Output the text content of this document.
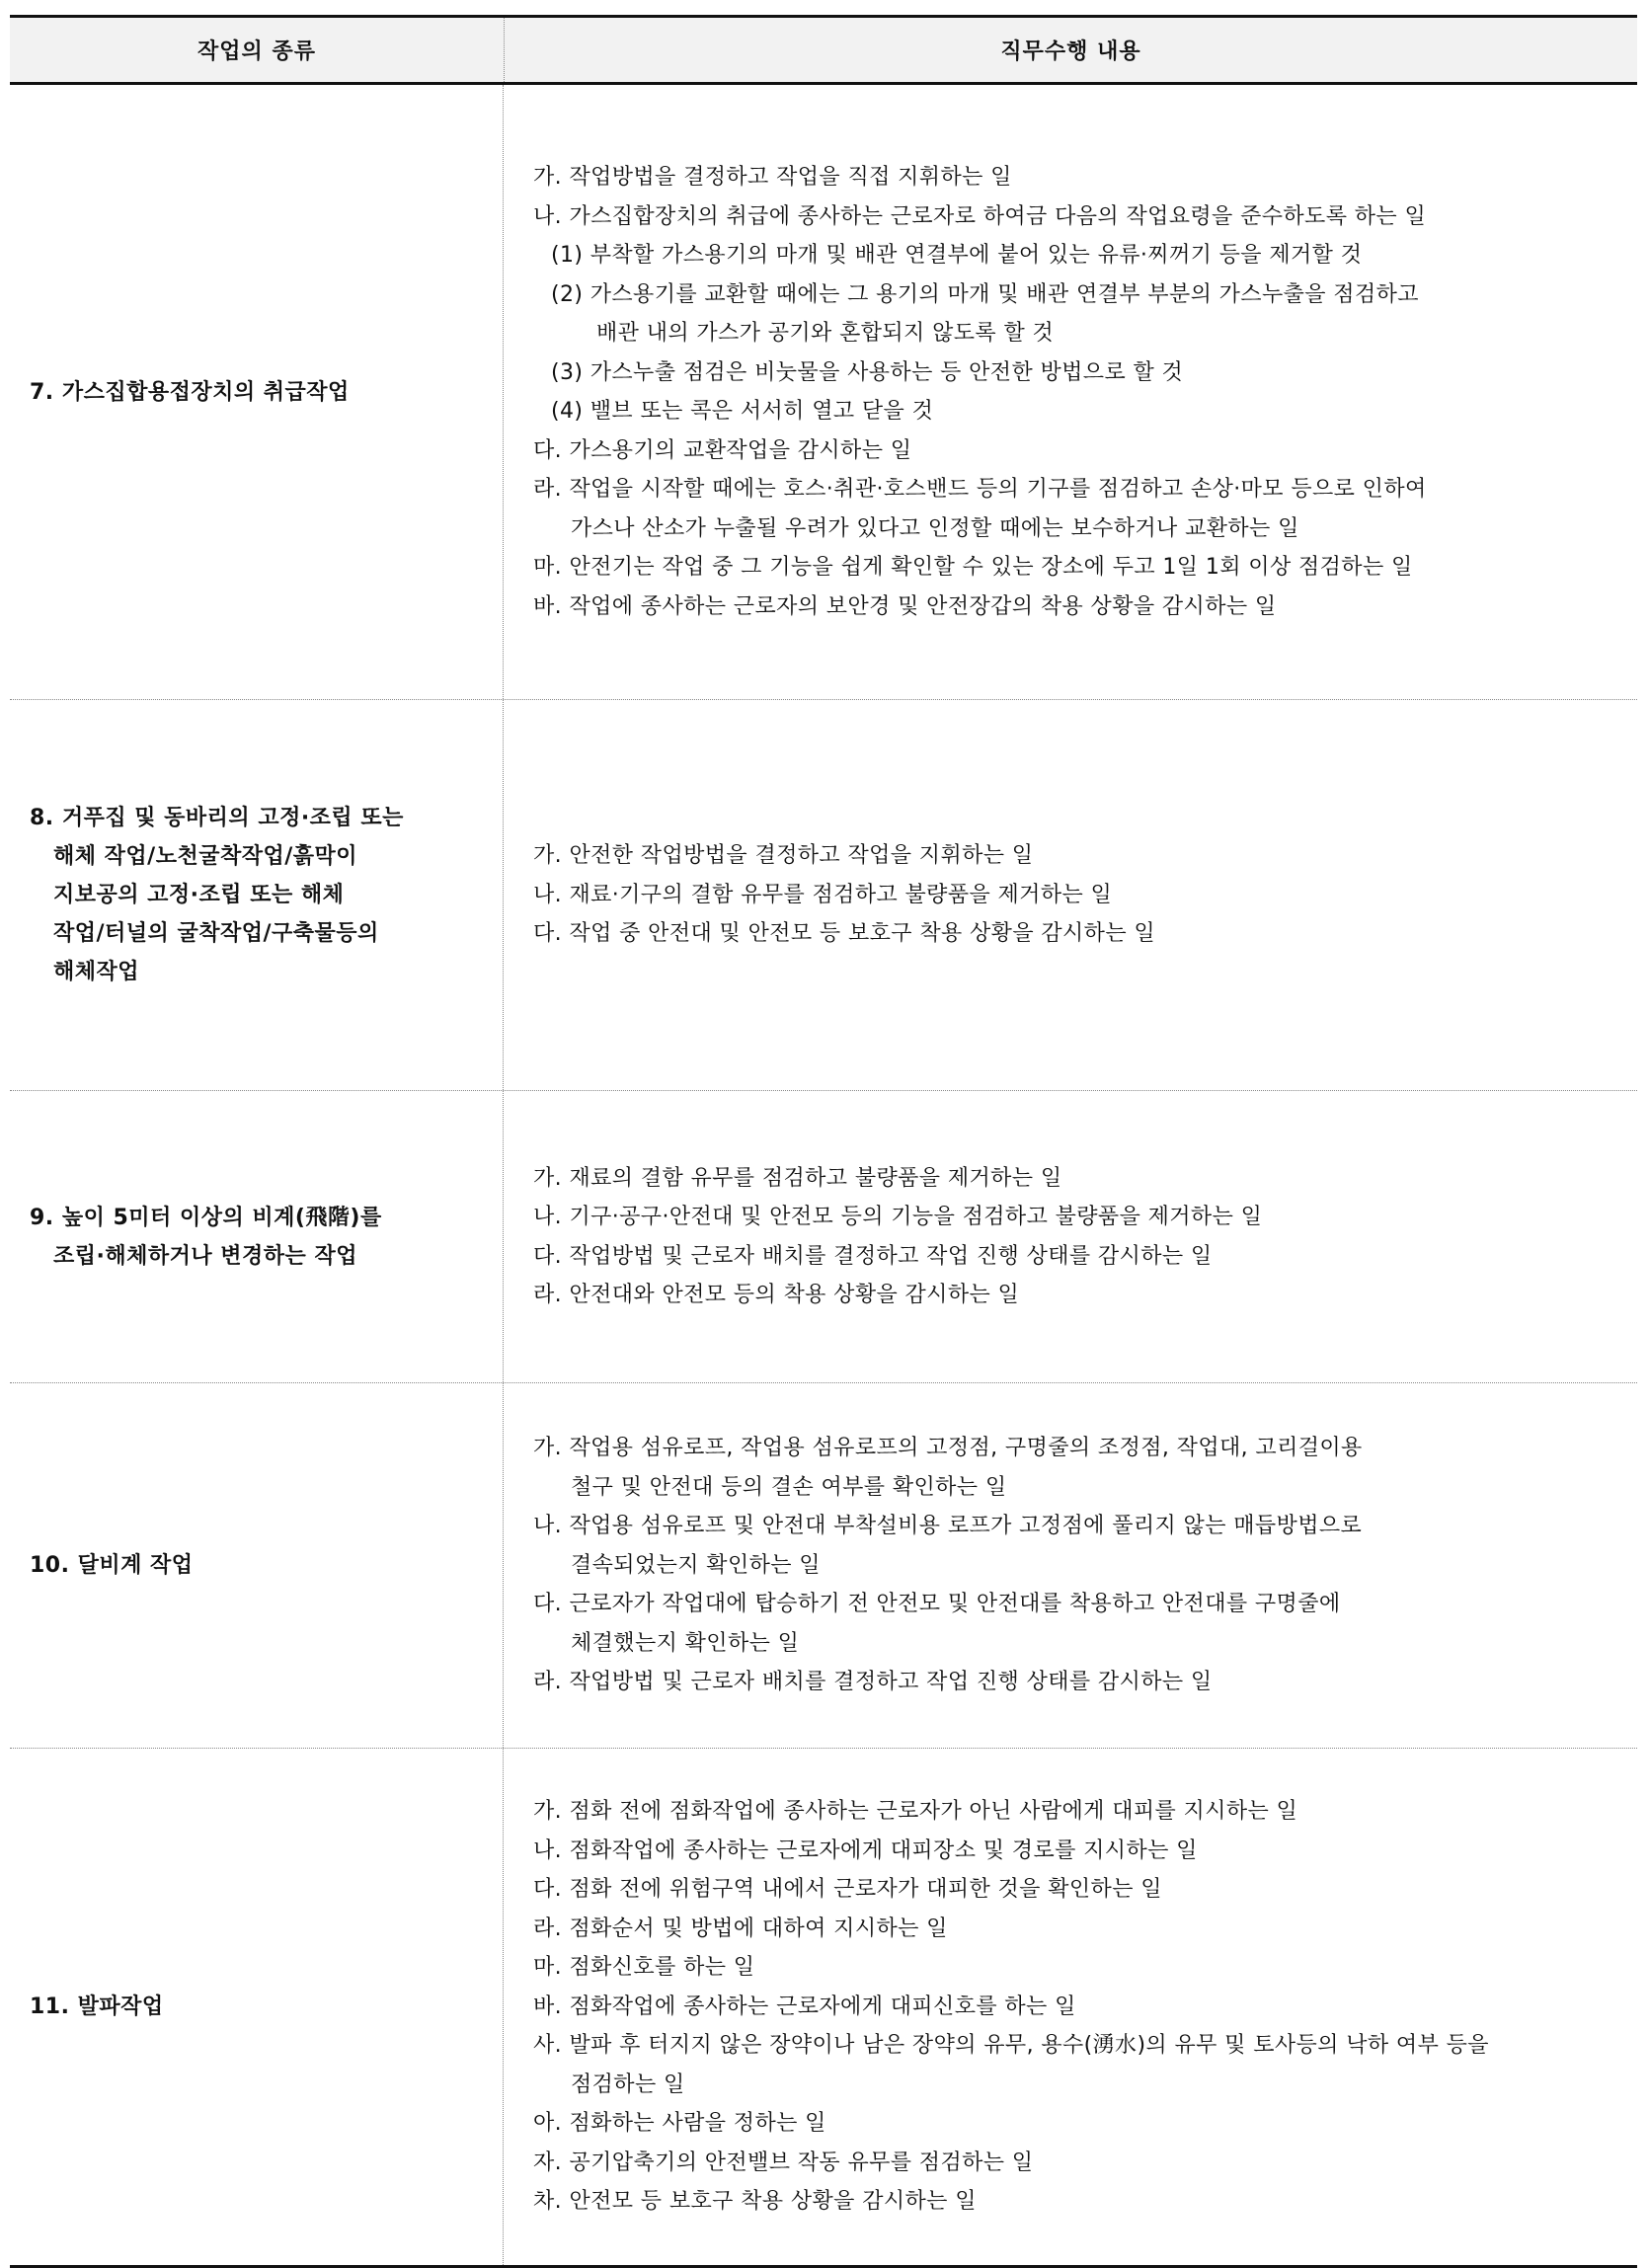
작업의 종류	직무수행 내용
7. 가스집합용접장치의 취급작업
가. 작업방법을 결정하고 작업을 직접 지휘하는 일
나. 가스집합장치의 취급에 종사하는 근로자로 하여금 다음의 작업요령을 준수하도록 하는 일
(1) 부착할 가스용기의 마개 및 배관 연결부에 붙어 있는 유류·찌꺼기 등을 제거할 것
(2) 가스용기를 교환할 때에는 그 용기의 마개 및 배관 연결부 부분의 가스누출을 점검하고
배관 내의 가스가 공기와 혼합되지 않도록 할 것
(3) 가스누출 점검은 비눗물을 사용하는 등 안전한 방법으로 할 것
(4) 밸브 또는 콕은 서서히 열고 닫을 것
다. 가스용기의 교환작업을 감시하는 일
라. 작업을 시작할 때에는 호스·취관·호스밴드 등의 기구를 점검하고 손상·마모 등으로 인하여
가스나 산소가 누출될 우려가 있다고 인정할 때에는 보수하거나 교환하는 일
마. 안전기는 작업 중 그 기능을 쉽게 확인할 수 있는 장소에 두고 1일 1회 이상 점검하는 일
바. 작업에 종사하는 근로자의 보안경 및 안전장갑의 착용 상황을 감시하는 일
8. 거푸집 및 동바리의 고정·조립 또는
해체 작업/노천굴착작업/흙막이
지보공의 고정·조립 또는 해체
작업/터널의 굴착작업/구축물등의
해체작업
가. 안전한 작업방법을 결정하고 작업을 지휘하는 일
나. 재료·기구의 결함 유무를 점검하고 불량품을 제거하는 일
다. 작업 중 안전대 및 안전모 등 보호구 착용 상황을 감시하는 일
9. 높이 5미터 이상의 비계(飛階)를
조립·해체하거나 변경하는 작업
가. 재료의 결함 유무를 점검하고 불량품을 제거하는 일
나. 기구·공구·안전대 및 안전모 등의 기능을 점검하고 불량품을 제거하는 일
다. 작업방법 및 근로자 배치를 결정하고 작업 진행 상태를 감시하는 일
라. 안전대와 안전모 등의 착용 상황을 감시하는 일
10. 달비계 작업
가. 작업용 섬유로프, 작업용 섬유로프의 고정점, 구명줄의 조정점, 작업대, 고리걸이용
철구 및 안전대 등의 결손 여부를 확인하는 일
나. 작업용 섬유로프 및 안전대 부착설비용 로프가 고정점에 풀리지 않는 매듭방법으로
결속되었는지 확인하는 일
다. 근로자가 작업대에 탑승하기 전 안전모 및 안전대를 착용하고 안전대를 구명줄에
체결했는지 확인하는 일
라. 작업방법 및 근로자 배치를 결정하고 작업 진행 상태를 감시하는 일
11. 발파작업
가. 점화 전에 점화작업에 종사하는 근로자가 아닌 사람에게 대피를 지시하는 일
나. 점화작업에 종사하는 근로자에게 대피장소 및 경로를 지시하는 일
다. 점화 전에 위험구역 내에서 근로자가 대피한 것을 확인하는 일
라. 점화순서 및 방법에 대하여 지시하는 일
마. 점화신호를 하는 일
바. 점화작업에 종사하는 근로자에게 대피신호를 하는 일
사. 발파 후 터지지 않은 장약이나 남은 장약의 유무, 용수(湧水)의 유무 및 토사등의 낙하 여부 등을
점검하는 일
아. 점화하는 사람을 정하는 일
자. 공기압축기의 안전밸브 작동 유무를 점검하는 일
차. 안전모 등 보호구 착용 상황을 감시하는 일
